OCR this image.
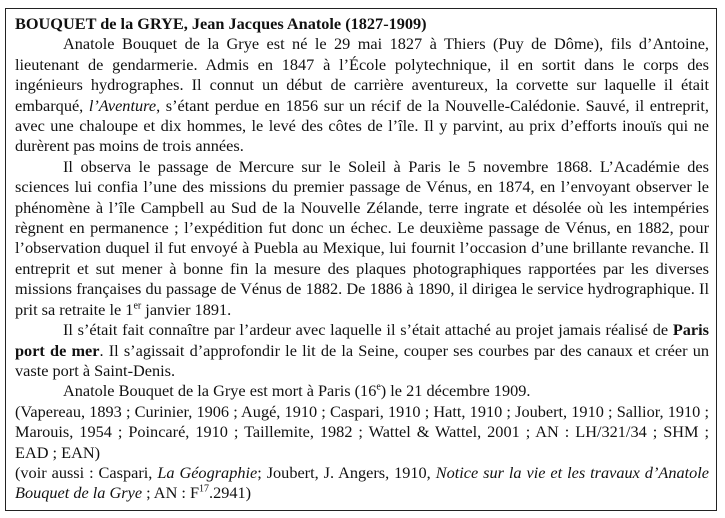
BOUQUET de la GRYE, Jean Jacques Anatole (1827-1909)

Anatole Bouquet de la Grye est né le 29 mai 1827 à Thiers (Puy de Dôme), fils d’Antoine, lieutenant de gendarmerie. Admis en 1847 à l’École polytechnique, il en sortit dans le corps des ingénieurs hydrographes. Il connut un début de carrière aventureux, la corvette sur laquelle il était embarqué, l’Aventure, s’étant perdue en 1856 sur un récif de la Nouvelle-Calédonie. Sauvé, il entreprit, avec une chaloupe et dix hommes, le levé des côtes de l’île. Il y parvint, au prix d’efforts inouïs qui ne durèrent pas moins de trois années.

Il observa le passage de Mercure sur le Soleil à Paris le 5 novembre 1868. L’Académie des sciences lui confia l’une des missions du premier passage de Vénus, en 1874, en l’envoyant observer le phénomène à l’île Campbell au Sud de la Nouvelle Zélande, terre ingrate et désolée où les intempéries règnent en permanence ; l’expédition fut donc un échec. Le deuxième passage de Vénus, en 1882, pour l’observation duquel il fut envoyé à Puebla au Mexique, lui fournit l’occasion d’une brillante revanche. Il entreprit et sut mener à bonne fin la mesure des plaques photographiques rapportées par les diverses missions françaises du passage de Vénus de 1882. De 1886 à 1890, il dirigea le service hydrographique. Il prit sa retraite le 1er janvier 1891.

Il s’était fait connaître par l’ardeur avec laquelle il s’était attaché au projet jamais réalisé de Paris port de mer. Il s’agissait d’approfondir le lit de la Seine, couper ses courbes par des canaux et créer un vaste port à Saint-Denis.

Anatole Bouquet de la Grye est mort à Paris (16e) le 21 décembre 1909.

(Vapereau, 1893 ; Curinier, 1906 ; Augé, 1910 ; Caspari, 1910 ; Hatt, 1910 ; Joubert, 1910 ; Sallior, 1910 ; Marouis, 1954 ; Poincaré, 1910 ; Taillemite, 1982 ; Wattel & Wattel, 2001 ; AN : LH/321/34 ; SHM ; EAD ; EAN)

(voir aussi : Caspari, La Géographie; Joubert, J. Angers, 1910, Notice sur la vie et les travaux d’Anatole Bouquet de la Grye ; AN : $F^{17}.2941$)
